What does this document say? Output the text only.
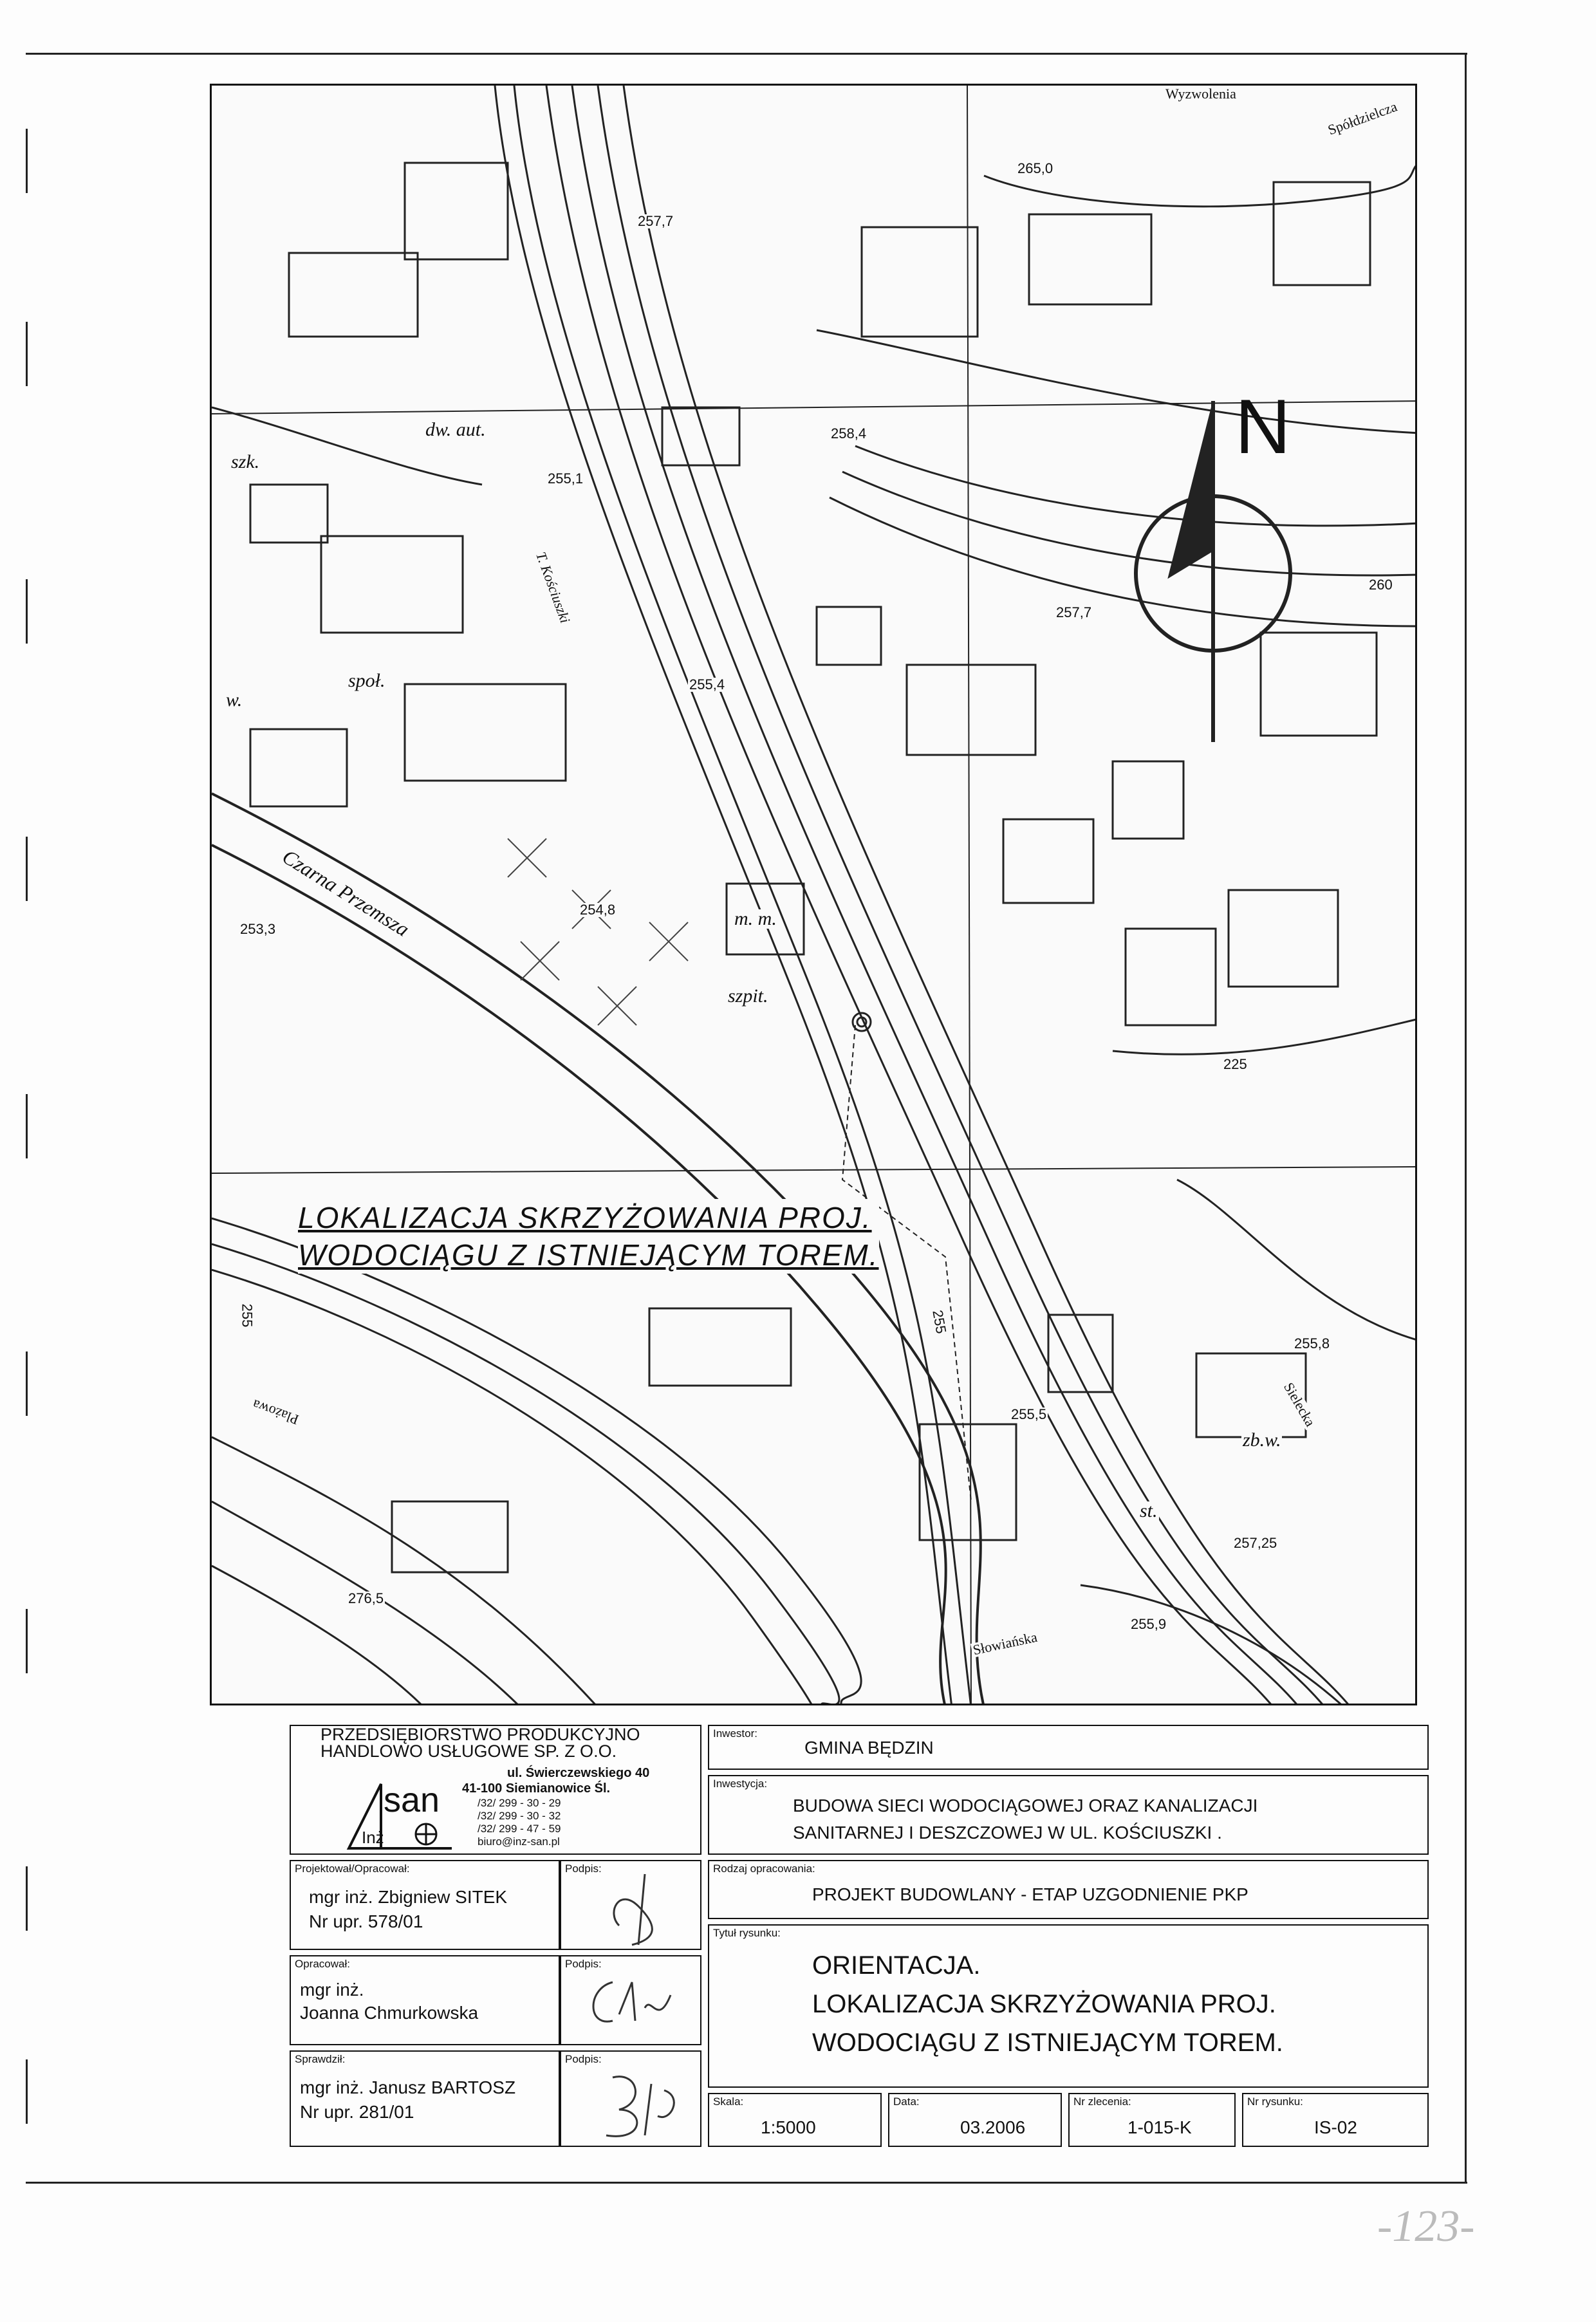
N
dw. aut.
szk.
społ.
w.
m. m.
szpit.
zb.w.
st.
T. Kościuszki
Czarna Przemsza
Słowiańska
Sielecka
Wyzwolenia
Spółdzielcza
Plażowa
257,7
265,0
258,4
255,1
255,4
257,7
260
254,8
253,3
225
255,8
255,5
257,25
255,9
276,5
255
255
LOKALIZACJA SKRZYŻOWANIA PROJ.
WODOCIĄGU Z ISTNIEJĄCYM TOREM.
PRZEDSIĘBIORSTWO PRODUKCYJNO
HANDLOWO USŁUGOWE SP. Z O.O.
ul. Świerczewskiego 40
41-100 Siemianowice Śl.
/32/ 299 - 30 - 29
/32/ 299 - 30 - 32
/32/ 299 - 47 - 59
biuro@inz-san.pl
san
Inż
Projektował/Opracował:
mgr inż. Zbigniew SITEK
Nr upr. 578/01
Podpis:
Opracował:
mgr inż.
Joanna Chmurkowska
Podpis:
Sprawdził:
mgr inż. Janusz BARTOSZ
Nr upr. 281/01
Podpis:
Inwestor:
GMINA BĘDZIN
Inwestycja:
BUDOWA SIECI WODOCIĄGOWEJ ORAZ KANALIZACJI
SANITARNEJ I DESZCZOWEJ W UL. KOŚCIUSZKI .
Rodzaj opracowania:
PROJEKT BUDOWLANY - ETAP UZGODNIENIE PKP
Tytuł rysunku:
ORIENTACJA.
LOKALIZACJA SKRZYŻOWANIA PROJ.
WODOCIĄGU Z ISTNIEJĄCYM TOREM.
Skala:
1:5000
Data:
03.2006
Nr zlecenia:
1-015-K
Nr rysunku:
IS-02
-123-
